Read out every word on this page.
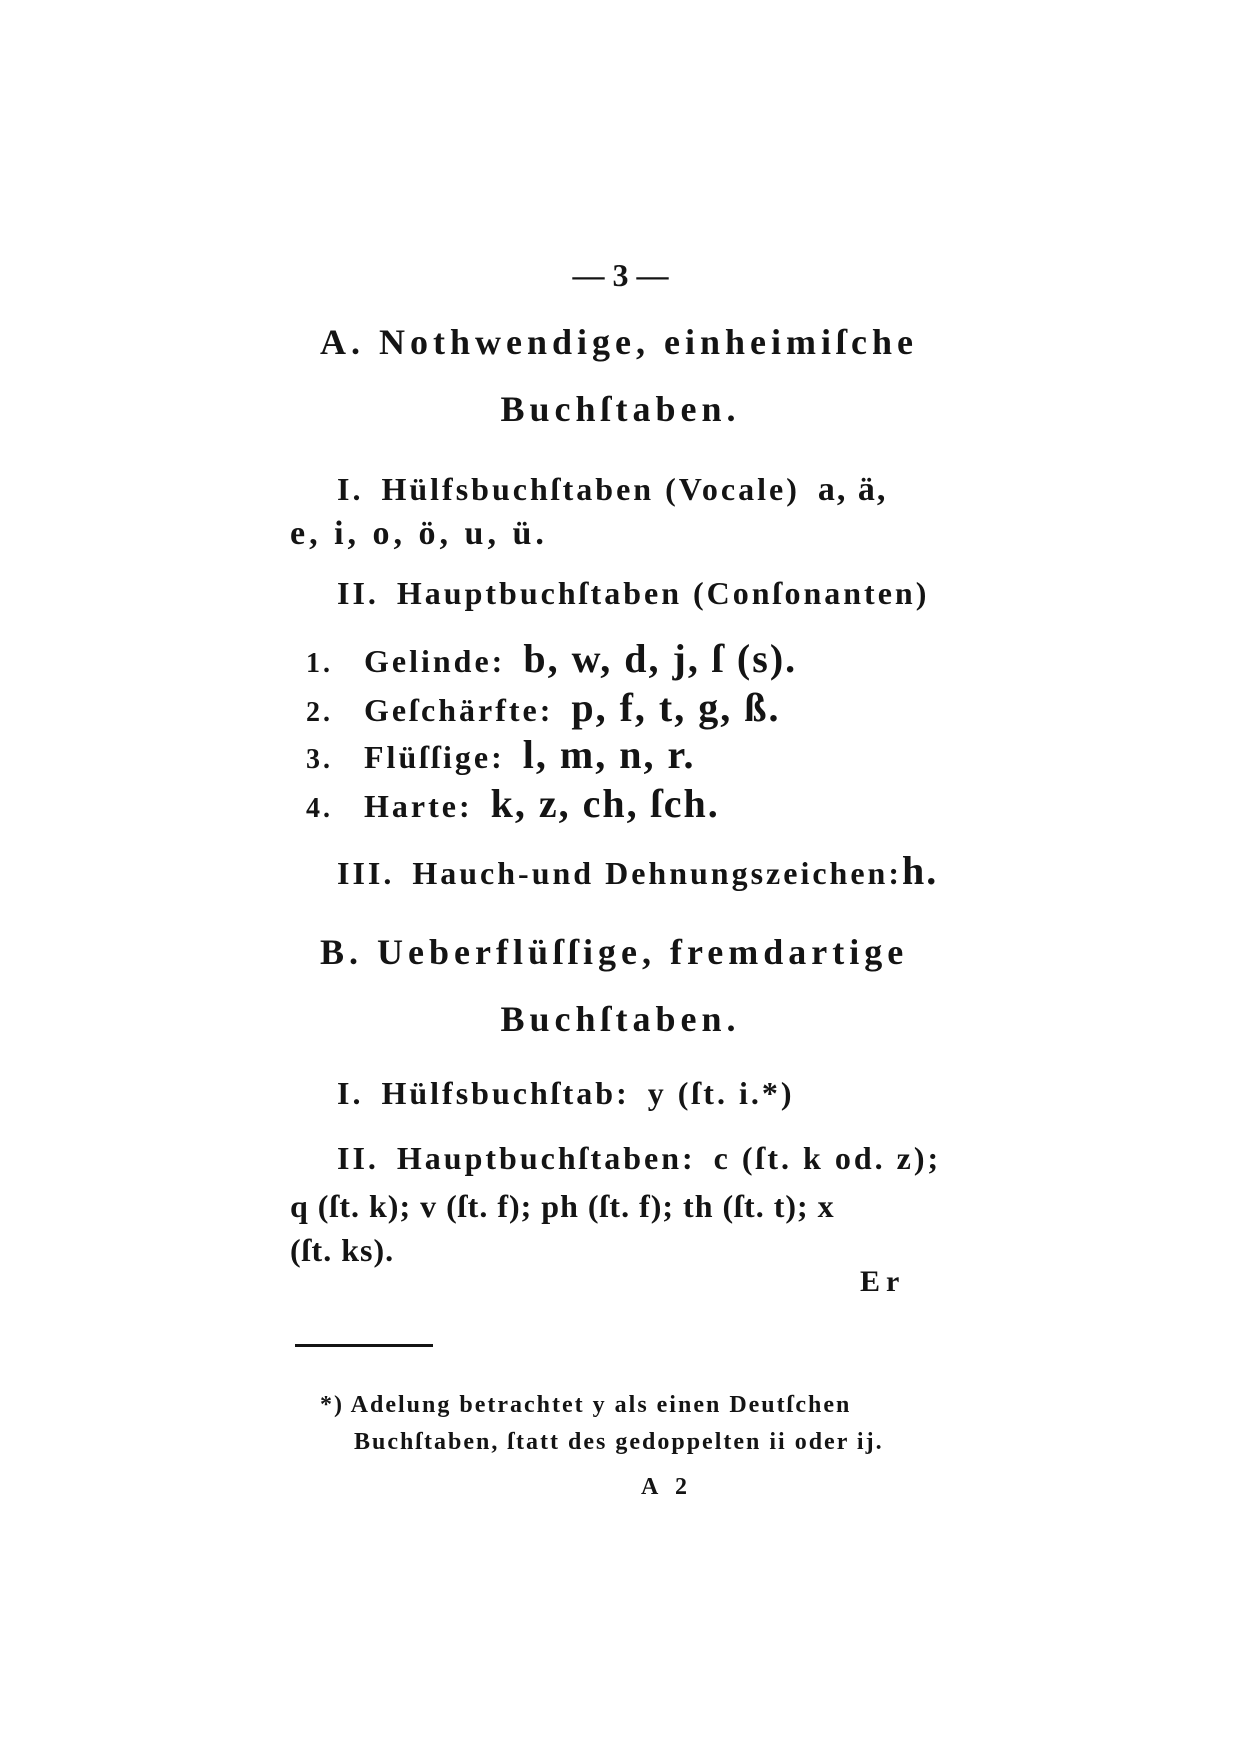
— 3 —
A. Nothwendige, einheimiſche
Buchſtaben.
I. Hülfsbuchſtaben (Vocale) a, ä,
e, i, o, ö, u, ü.
II. Hauptbuchſtaben (Conſonanten)
1. Gelinde: b, w, d, j, ſ (s).
2. Geſchärfte: p, f, t, g, ß.
3. Flüſſige: l, m, n, r.
4. Harte: k, z, ch, ſch.
III. Hauch-und Dehnungszeichen:h.
B. Ueberflüſſige, fremdartige
Buchſtaben.
I. Hülfsbuchſtab: y (ſt. i.*)
II. Hauptbuchſtaben: c (ſt. k od. z);
q (ſt. k); v (ſt. f); ph (ſt. f); th (ſt. t); x
(ſt. ks).
Er
*) Adelung betrachtet y als einen Deutſchen
Buchſtaben, ſtatt des gedoppelten ii oder ij.
A 2
